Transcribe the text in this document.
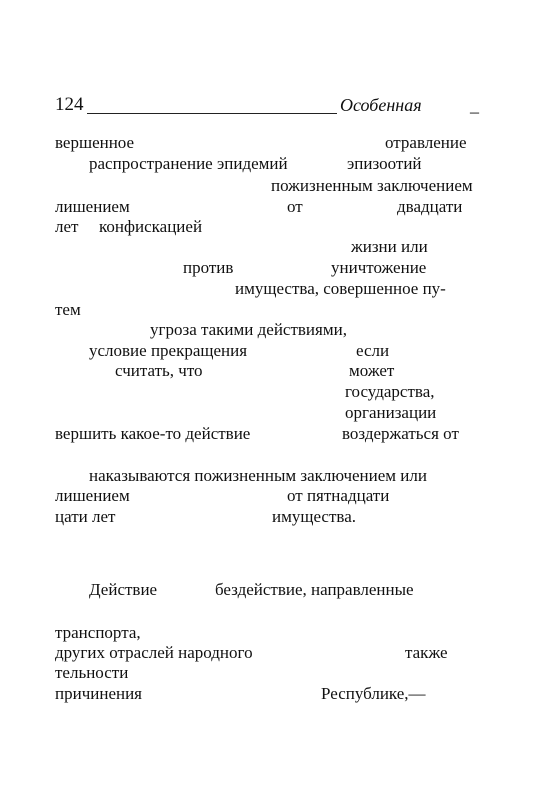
124	Особенная	_
вершенное	отравление
распространение эпидемий	эпизоотий
пожизненным заключением
лишением	от	двадцати
лет конфискацией
жизни или
против	уничтожение
имущества, совершенное пу-
тем
угроза такими действиями,
условие прекращения	если
считать, что	может
государства,
организации
вершить какое-то действие	воздержаться от
наказываются пожизненным заключением или
лишением	от пятнадцати
цати лет	имущества.
Действие	бездействие, направленные
транспорта,
других отраслей народного	также
тельности
причинения	Республике,—
